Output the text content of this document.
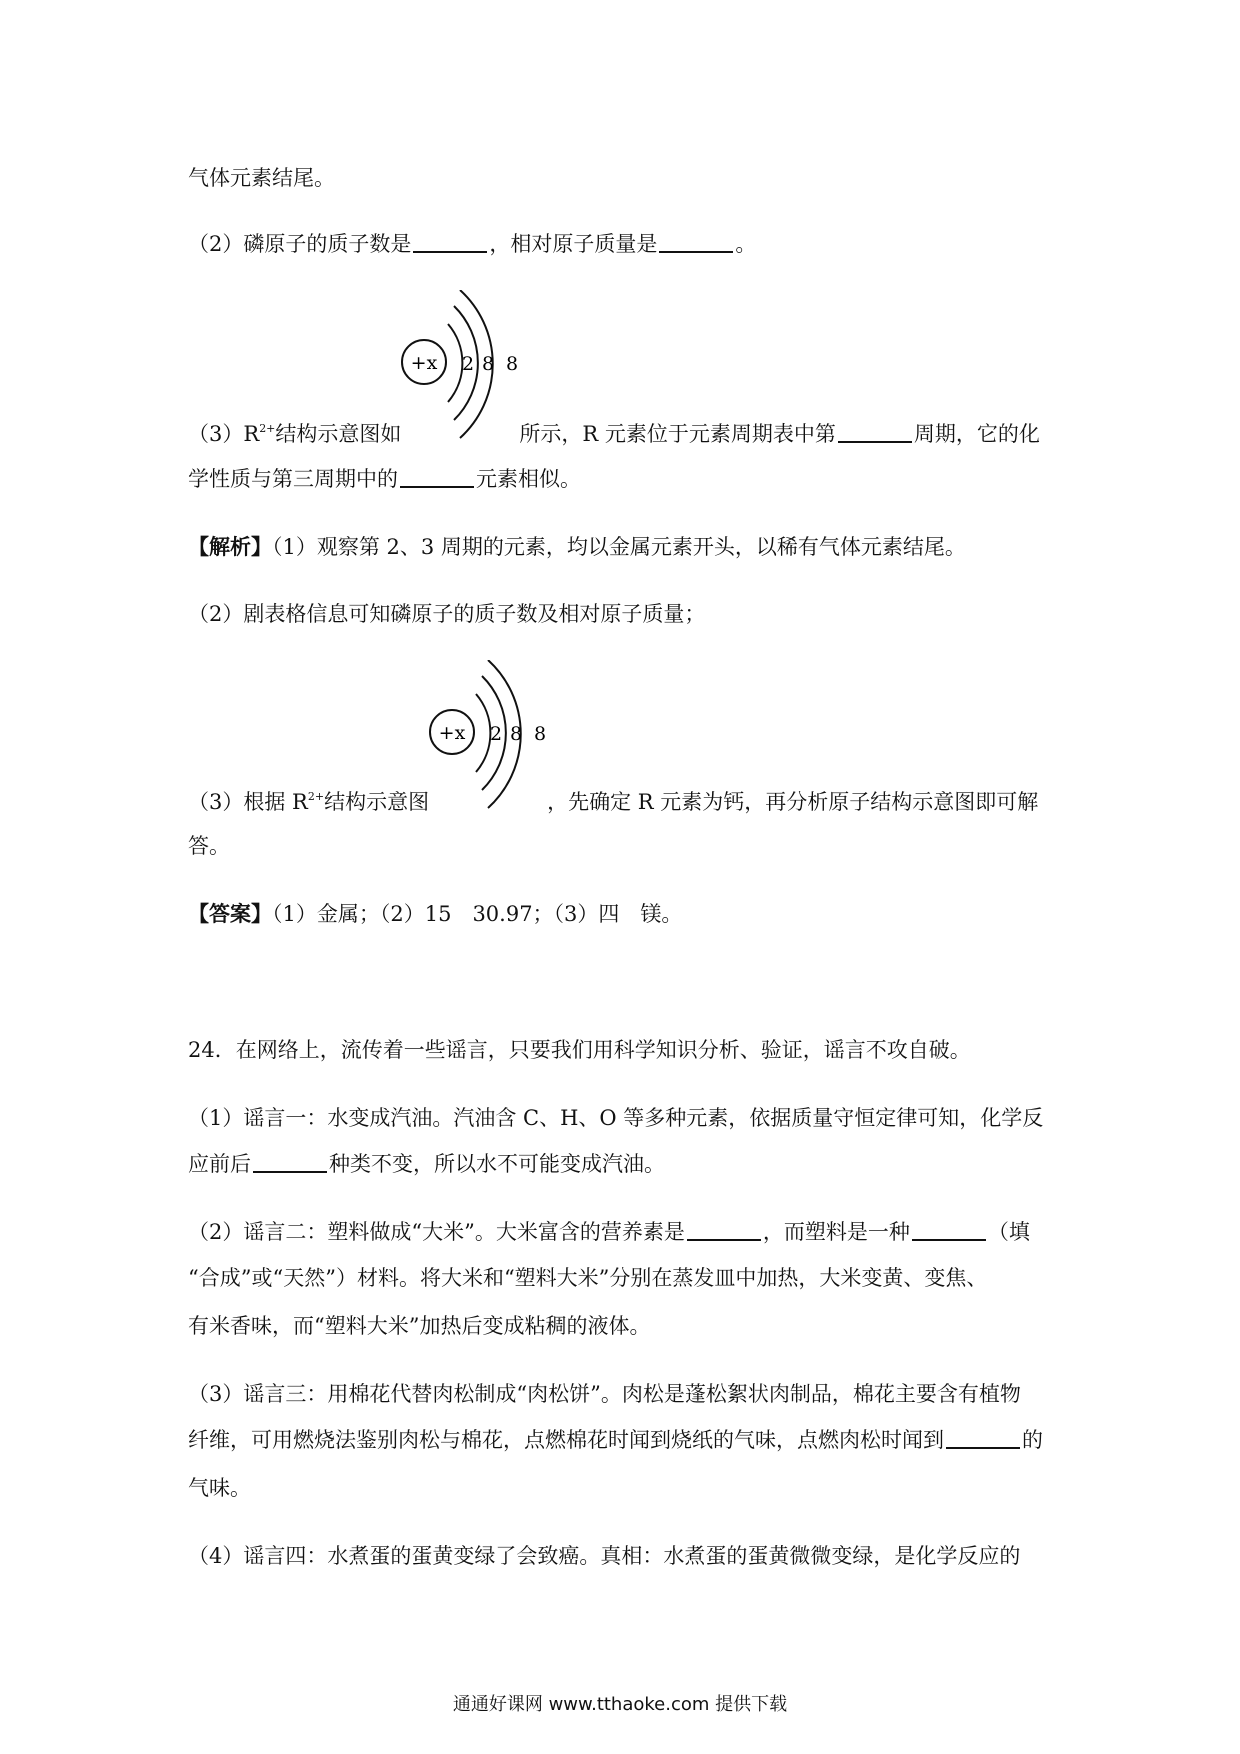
气体元素结尾。
（2）磷原子的质子数是	，相对原子质量是	。
+x 2 8 8
$(3)R^{2+}$结构示意图如	所示，R 元素位于元素周期表中第	周期，它的化
学性质与第三周期中的	元素相似。
【解析】（1）观察第 2、3 周期的元素，均以金属元素开头，以稀有气体元素结尾。
（2）剧表格信息可知磷原子的质子数及相对原子质量；
+x 2 8 8
（3）根据 $R^{2+}$结构示意图	，先确定 R 元素为钙，再分析原子结构示意图即可解
答。
【答案】（1）金属；（2）15　30.97；（3）四　镁。
24．在网络上，流传着一些谣言，只要我们用科学知识分析、验证，谣言不攻自破。
（1）谣言一：水变成汽油。汽油含 C、H、O 等多种元素，依据质量守恒定律可知，化学反
应前后	种类不变，所以水不可能变成汽油。
（2）谣言二：塑料做成“大米”。大米富含的营养素是	，而塑料是一种	（填
“合成”或“天然”）材料。将大米和“塑料大米”分别在蒸发皿中加热，大米变黄、变焦、
有米香味，而“塑料大米”加热后变成粘稠的液体。
（3）谣言三：用棉花代替肉松制成“肉松饼”。肉松是蓬松絮状肉制品，棉花主要含有植物
纤维，可用燃烧法鉴别肉松与棉花，点燃棉花时闻到烧纸的气味，点燃肉松时闻到	的
气味。
（4）谣言四：水煮蛋的蛋黄变绿了会致癌。真相：水煮蛋的蛋黄微微变绿，是化学反应的
通通好课网 www.tthaoke.com 提供下载
